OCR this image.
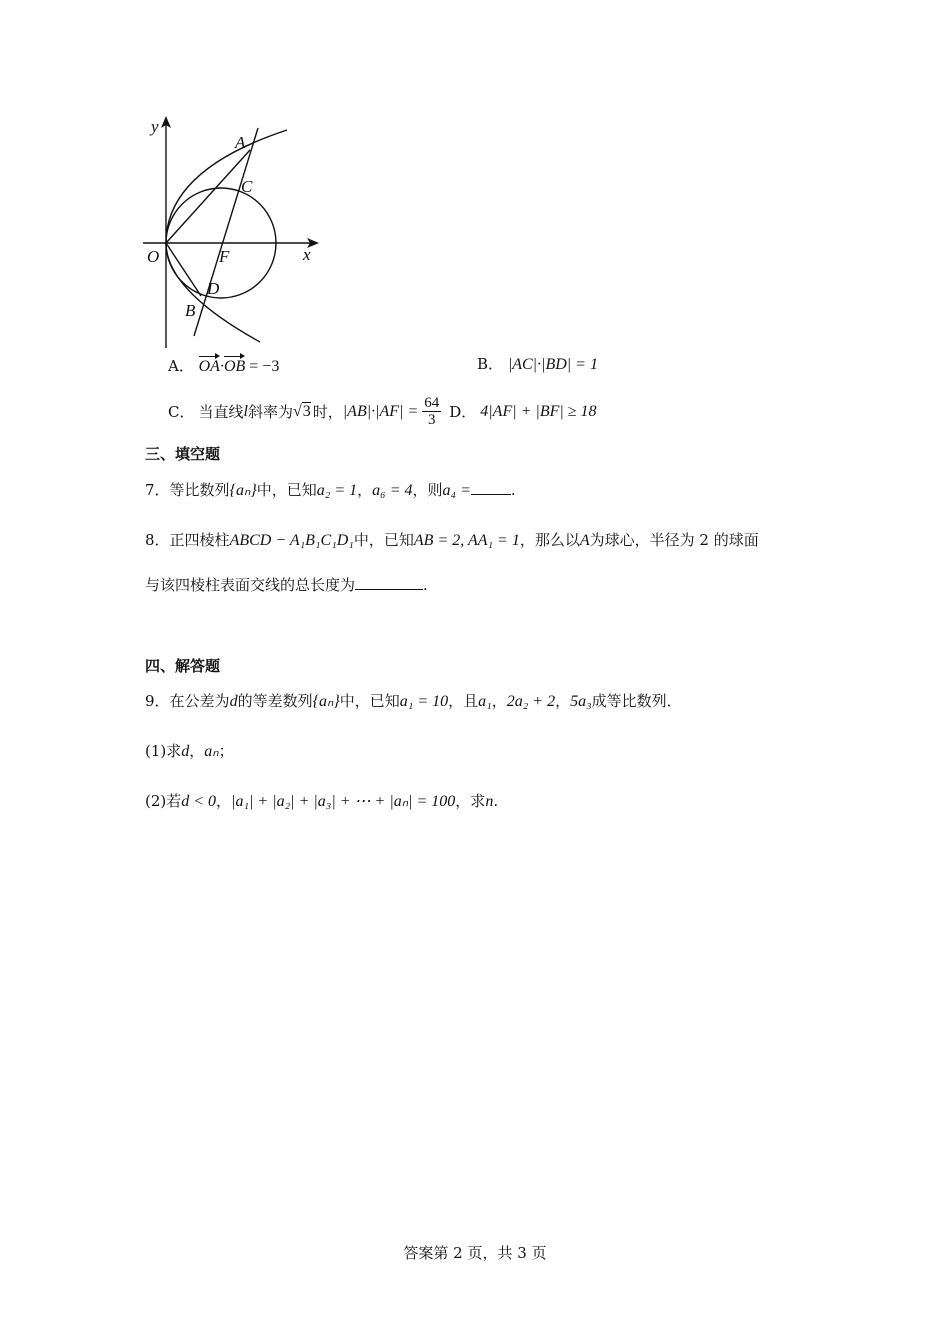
y
x
O
A
C
F
D
B
A． OA·OB = −3	B． |AC|·|BD| = 1
C． 当直线 l 斜率为 √ 3 时， $|AB|\cdot|AF| = \frac{64}{3}$ D． 4|AF| + |BF| ≥ 18
三、填空题
7．等比数列{aₙ}中，已知a₂ = 1，a₆ = 4，则a₄ =	.
8．正四棱柱ABCD − A₁B₁C₁D₁中，已知AB = 2, AA₁ = 1，那么以A为球心，半径为 2 的球面
与该四棱柱表面交线的总长度为	.
四、解答题
9．在公差为d的等差数列{aₙ}中，已知a₁ = 10，且a₁，2a₂ + 2，5a₃成等比数列．
(1)求d，aₙ；
(2)若d < 0，|a₁| + |a₂| + |a₃| + ⋯ + |aₙ| = 100，求n.
答案第 2 页，共 3 页
